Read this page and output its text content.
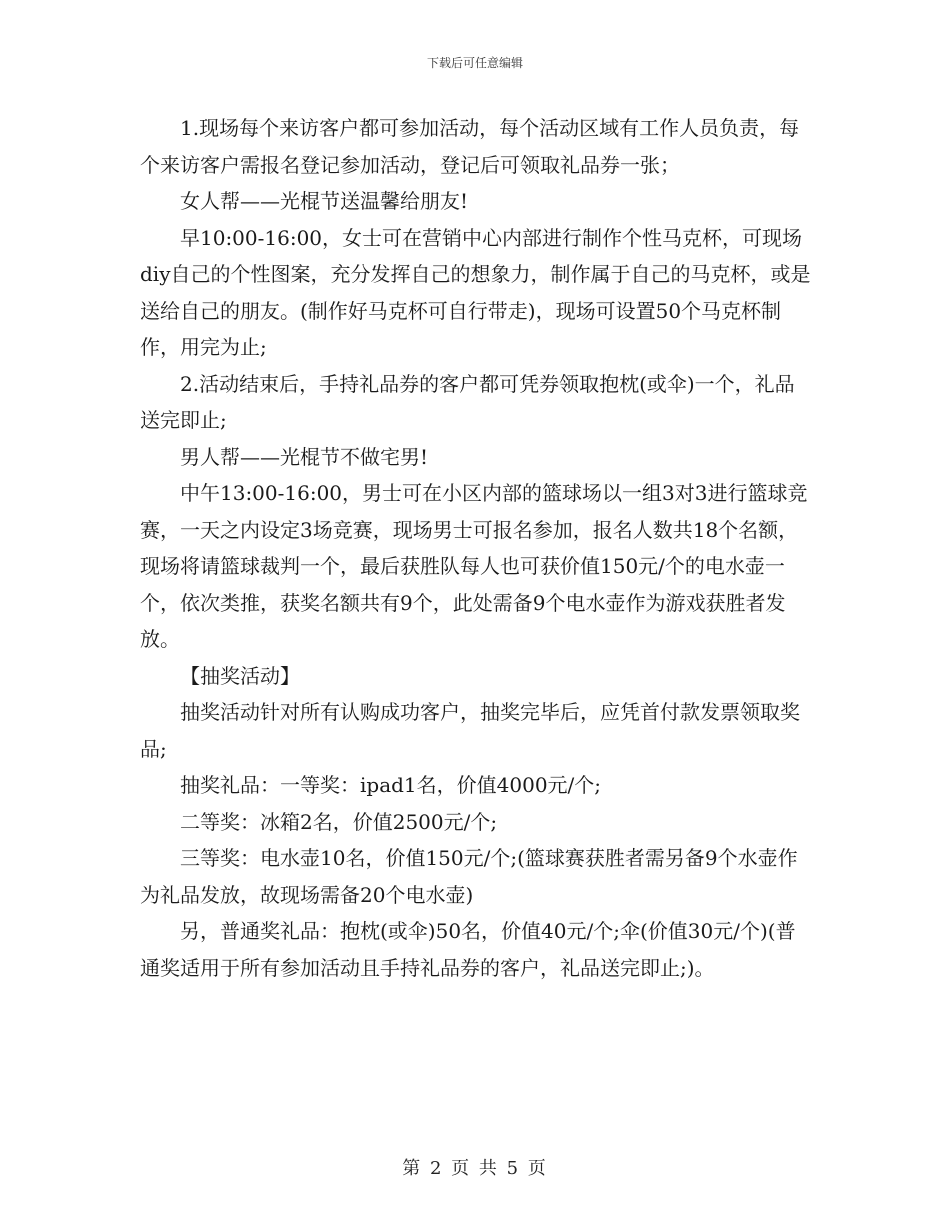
下载后可任意编辑

1.现场每个来访客户都可参加活动，每个活动区域有工作人员负责，每个来访客户需报名登记参加活动，登记后可领取礼品券一张；

女人帮——光棍节送温馨给朋友!

早10:00-16:00，女士可在营销中心内部进行制作个性马克杯，可现场diy自己的个性图案，充分发挥自己的想象力，制作属于自己的马克杯，或是送给自己的朋友。(制作好马克杯可自行带走)，现场可设置50个马克杯制作，用完为止;

2.活动结束后，手持礼品券的客户都可凭券领取抱枕(或伞)一个，礼品送完即止;

男人帮——光棍节不做宅男!

中午13:00-16:00，男士可在小区内部的篮球场以一组3对3进行篮球竞赛，一天之内设定3场竞赛，现场男士可报名参加，报名人数共18个名额，现场将请篮球裁判一个，最后获胜队每人也可获价值150元/个的电水壶一个，依次类推，获奖名额共有9个，此处需备9个电水壶作为游戏获胜者发放。

【抽奖活动】

抽奖活动针对所有认购成功客户，抽奖完毕后，应凭首付款发票领取奖品;

抽奖礼品：一等奖：ipad1名，价值4000元/个;

二等奖：冰箱2名，价值2500元/个;

三等奖：电水壶10名，价值150元/个;(篮球赛获胜者需另备9个水壶作为礼品发放，故现场需备20个电水壶)

另，普通奖礼品：抱枕(或伞)50名，价值40元/个;伞(价值30元/个)(普通奖适用于所有参加活动且手持礼品券的客户，礼品送完即止;)。

第 2 页 共 5 页
